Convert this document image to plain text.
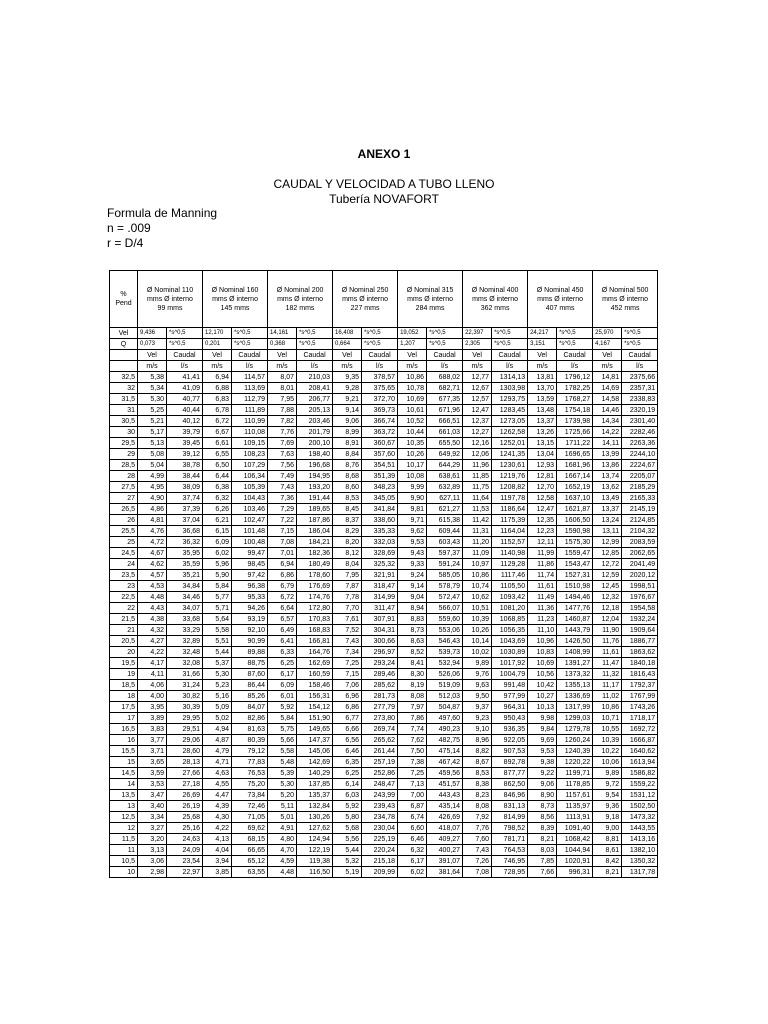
ANEXO 1
CAUDAL Y VELOCIDAD A TUBO LLENO
Tubería NOVAFORT
Formula de Manning
n = .009
r = D/4
%
Pend	Ø Nominal 110
mms Ø interno
99 mms		Ø Nominal 160
mms Ø interno
145 mms		Ø Nominal 200
mms Ø interno
182 mms		Ø Nominal 250
mms Ø interno
227 mms		Ø Nominal 315
mms Ø interno
284 mms		Ø Nominal 400
mms Ø interno
362 mms		Ø Nominal 450
mms Ø interno
407 mms		Ø Nominal 500
mms Ø interno
452 mms	
Vel	9,436	*s^0,5	12,170	*s^0,5	14,161	*s^0,5	16,408	*s^0,5	19,052	*s^0,5	22,397	*s^0,5	24,217	*s^0,5	25,970	*s^0,5
Q	0,073	*s^0,5	0,201	*s^0,5	0,368	*s^0,5	0,664	*s^0,5	1,207	*s^0,5	2,305	*s^0,5	3,151	*s^0,5	4,167	*s^0,5
	Vel	Caudal	Vel	Caudal	Vel	Caudal	Vel	Caudal	Vel	Caudal	Vel	Caudal	Vel	Caudal	Vel	Caudal
	m/s	l/s	m/s	l/s	m/s	l/s	m/s	l/s	m/s	l/s	m/s	l/s	m/s	l/s	m/s	l/s
32,5	5,38	41,41	6,94	114,57	8,07	210,03	9,35	378,57	10,86	688,02	12,77	1314,13	13,81	1796,12	14,81	2375,66
32	5,34	41,09	6,88	113,69	8,01	208,41	9,28	375,65	10,78	682,71	12,67	1303,98	13,70	1782,25	14,69	2357,31
31,5	5,30	40,77	6,83	112,79	7,95	206,77	9,21	372,70	10,69	677,35	12,57	1293,75	13,59	1768,27	14,58	2338,83
31	5,25	40,44	6,78	111,89	7,88	205,13	9,14	369,73	10,61	671,96	12,47	1283,45	13,48	1754,18	14,46	2320,19
30,5	5,21	40,12	6,72	110,99	7,82	203,46	9,06	366,74	10,52	666,51	12,37	1273,05	13,37	1739,98	14,34	2301,40
30	5,17	39,79	6,67	110,08	7,76	201,79	8,99	363,72	10,44	661,03	12,27	1262,58	13,26	1725,66	14,22	2282,46
29,5	5,13	39,45	6,61	109,15	7,69	200,10	8,91	360,67	10,35	655,50	12,16	1252,01	13,15	1711,22	14,11	2263,36
29	5,08	39,12	6,55	108,23	7,63	198,40	8,84	357,60	10,26	649,92	12,06	1241,35	13,04	1696,65	13,99	2244,10
28,5	5,04	38,78	6,50	107,29	7,56	196,68	8,76	354,51	10,17	644,29	11,96	1230,61	12,93	1681,96	13,86	2224,67
28	4,99	38,44	6,44	106,34	7,49	194,95	8,68	351,39	10,08	638,61	11,85	1219,76	12,81	1667,14	13,74	2205,07
27,5	4,95	38,09	6,38	105,39	7,43	193,20	8,60	348,23	9,99	632,89	11,75	1208,82	12,70	1652,19	13,62	2185,29
27	4,90	37,74	6,32	104,43	7,36	191,44	8,53	345,05	9,90	627,11	11,64	1197,78	12,58	1637,10	13,49	2165,33
26,5	4,86	37,39	6,26	103,46	7,29	189,65	8,45	341,84	9,81	621,27	11,53	1186,64	12,47	1621,87	13,37	2145,19
26	4,81	37,04	6,21	102,47	7,22	187,86	8,37	338,60	9,71	615,38	11,42	1175,39	12,35	1606,50	13,24	2124,85
25,5	4,76	36,68	6,15	101,48	7,15	186,04	8,29	335,33	9,62	609,44	11,31	1164,04	12,23	1590,98	13,11	2104,32
25	4,72	36,32	6,09	100,48	7,08	184,21	8,20	332,03	9,53	603,43	11,20	1152,57	12,11	1575,30	12,99	2083,59
24,5	4,67	35,95	6,02	99,47	7,01	182,36	8,12	328,69	9,43	597,37	11,09	1140,98	11,99	1559,47	12,85	2062,65
24	4,62	35,59	5,96	98,45	6,94	180,49	8,04	325,32	9,33	591,24	10,97	1129,28	11,86	1543,47	12,72	2041,49
23,5	4,57	35,21	5,90	97,42	6,86	178,60	7,95	321,91	9,24	585,05	10,86	1117,46	11,74	1527,31	12,59	2020,12
23	4,53	34,84	5,84	96,38	6,79	176,69	7,87	318,47	9,14	578,79	10,74	1105,50	11,61	1510,98	12,45	1998,51
22,5	4,48	34,46	5,77	95,33	6,72	174,76	7,78	314,99	9,04	572,47	10,62	1093,42	11,49	1494,46	12,32	1976,67
22	4,43	34,07	5,71	94,26	6,64	172,80	7,70	311,47	8,94	566,07	10,51	1081,20	11,36	1477,76	12,18	1954,58
21,5	4,38	33,68	5,64	93,19	6,57	170,83	7,61	307,91	8,83	559,60	10,39	1068,85	11,23	1460,87	12,04	1932,24
21	4,32	33,29	5,58	92,10	6,49	168,83	7,52	304,31	8,73	553,06	10,26	1056,35	11,10	1443,79	11,90	1909,64
20,5	4,27	32,89	5,51	90,99	6,41	166,81	7,43	300,66	8,63	546,43	10,14	1043,69	10,96	1426,50	11,76	1886,77
20	4,22	32,48	5,44	89,88	6,33	164,76	7,34	296,97	8,52	539,73	10,02	1030,89	10,83	1408,99	11,61	1863,62
19,5	4,17	32,08	5,37	88,75	6,25	162,69	7,25	293,24	8,41	532,94	9,89	1017,92	10,69	1391,27	11,47	1840,18
19	4,11	31,66	5,30	87,60	6,17	160,59	7,15	289,46	8,30	526,06	9,76	1004,79	10,56	1373,32	11,32	1816,43
18,5	4,06	31,24	5,23	86,44	6,09	158,46	7,06	285,62	8,19	519,09	9,63	991,48	10,42	1355,13	11,17	1792,37
18	4,00	30,82	5,16	85,26	6,01	156,31	6,96	281,73	8,08	512,03	9,50	977,99	10,27	1336,69	11,02	1767,99
17,5	3,95	30,39	5,09	84,07	5,92	154,12	6,86	277,79	7,97	504,87	9,37	964,31	10,13	1317,99	10,86	1743,26
17	3,89	29,95	5,02	82,86	5,84	151,90	6,77	273,80	7,86	497,60	9,23	950,43	9,98	1299,03	10,71	1718,17
16,5	3,83	29,51	4,94	81,63	5,75	149,65	6,66	269,74	7,74	490,23	9,10	936,35	9,84	1279,78	10,55	1692,72
16	3,77	29,06	4,87	80,39	5,66	147,37	6,56	265,62	7,62	482,75	8,96	922,05	9,69	1260,24	10,39	1666,87
15,5	3,71	28,60	4,79	79,12	5,58	145,06	6,46	261,44	7,50	475,14	8,82	907,53	9,53	1240,39	10,22	1640,62
15	3,65	28,13	4,71	77,83	5,48	142,69	6,35	257,19	7,38	467,42	8,67	892,78	9,38	1220,22	10,06	1613,94
14,5	3,59	27,66	4,63	76,53	5,39	140,29	6,25	252,86	7,25	459,56	8,53	877,77	9,22	1199,71	9,89	1586,82
14	3,53	27,18	4,55	75,20	5,30	137,85	6,14	248,47	7,13	451,57	8,38	862,50	9,06	1178,85	9,72	1559,22
13,5	3,47	26,69	4,47	73,84	5,20	135,37	6,03	243,99	7,00	443,43	8,23	846,96	8,90	1157,61	9,54	1531,12
13	3,40	26,19	4,39	72,46	5,11	132,84	5,92	239,43	6,87	435,14	8,08	831,13	8,73	1135,97	9,36	1502,50
12,5	3,34	25,68	4,30	71,05	5,01	130,26	5,80	234,78	6,74	426,69	7,92	814,99	8,56	1113,91	9,18	1473,32
12	3,27	25,16	4,22	69,62	4,91	127,62	5,68	230,04	6,60	418,07	7,76	798,52	8,39	1091,40	9,00	1443,55
11,5	3,20	24,63	4,13	68,15	4,80	124,94	5,56	225,19	6,46	409,27	7,60	781,71	8,21	1068,42	8,81	1413,16
11	3,13	24,09	4,04	66,65	4,70	122,19	5,44	220,24	6,32	400,27	7,43	764,53	8,03	1044,94	8,61	1382,10
10,5	3,06	23,54	3,94	65,12	4,59	119,38	5,32	215,18	6,17	391,07	7,26	746,95	7,85	1020,91	8,42	1350,32
10	2,98	22,97	3,85	63,55	4,48	116,50	5,19	209,99	6,02	381,64	7,08	728,95	7,66	996,31	8,21	1317,78
